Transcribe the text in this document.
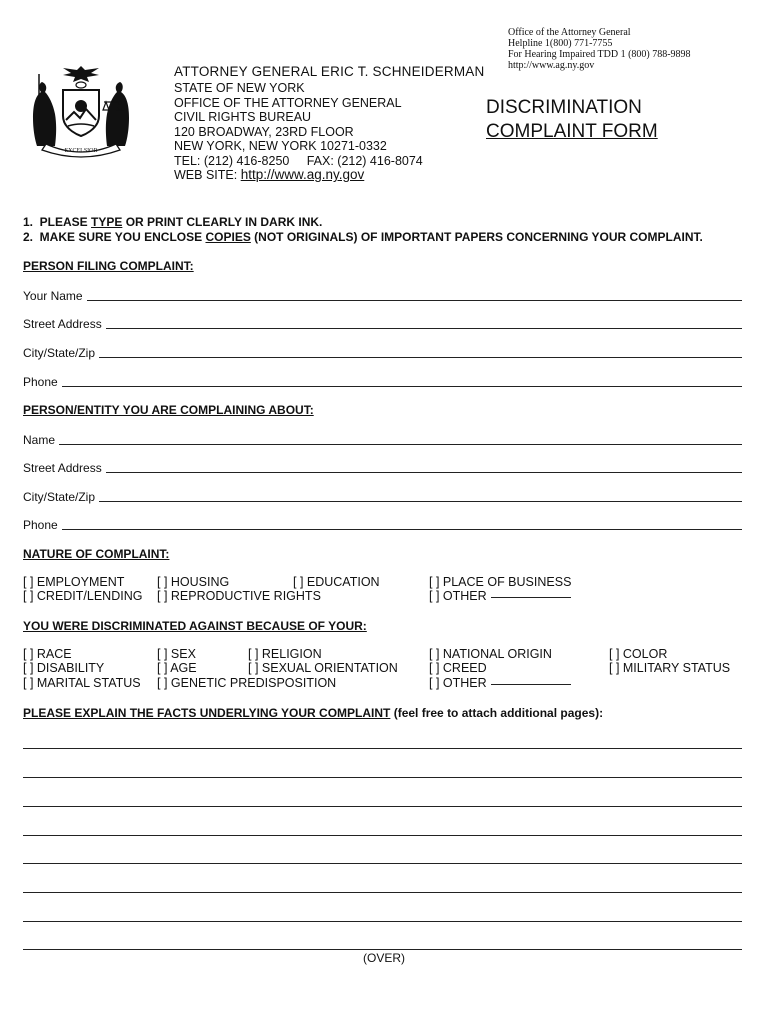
Office of the Attorney General
Helpline 1(800) 771-7755
For Hearing Impaired TDD 1 (800) 788-9898
http://www.ag.ny.gov
EXCELSIOR
ATTORNEY GENERAL ERIC T. SCHNEIDERMAN
STATE OF NEW YORK
OFFICE OF THE ATTORNEY GENERAL
CIVIL RIGHTS BUREAU
120 BROADWAY, 23RD FLOOR
NEW YORK, NEW YORK 10271-0332
TEL: (212) 416-8250     FAX: (212) 416-8074
WEB SITE: http://www.ag.ny.gov
DISCRIMINATION
COMPLAINT FORM
1.  PLEASE TYPE OR PRINT CLEARLY IN DARK INK.
2.  MAKE SURE YOU ENCLOSE COPIES (NOT ORIGINALS) OF IMPORTANT PAPERS CONCERNING YOUR COMPLAINT.
PERSON FILING COMPLAINT:
Your Name
Street Address
City/State/Zip
Phone
PERSON/ENTITY YOU ARE COMPLAINING ABOUT:
Name
Street Address
City/State/Zip
Phone
NATURE OF COMPLAINT:
[ ] EMPLOYMENT
[ ] CREDIT/LENDING
[ ] HOUSING
[ ] REPRODUCTIVE RIGHTS
[ ] EDUCATION	[ ] PLACE OF BUSINESS
[ ] OTHER
YOU WERE DISCRIMINATED AGAINST BECAUSE OF YOUR:
[ ] RACE
[ ] DISABILITY
[ ] MARITAL STATUS
[ ] SEX
[ ] AGE
[ ] GENETIC PREDISPOSITION
[ ] RELIGION
[ ] SEXUAL ORIENTATION
[ ] NATIONAL ORIGIN
[ ] CREED
[ ] OTHER
[ ] COLOR
[ ] MILITARY STATUS
PLEASE EXPLAIN THE FACTS UNDERLYING YOUR COMPLAINT (feel free to attach additional pages):
(OVER)
